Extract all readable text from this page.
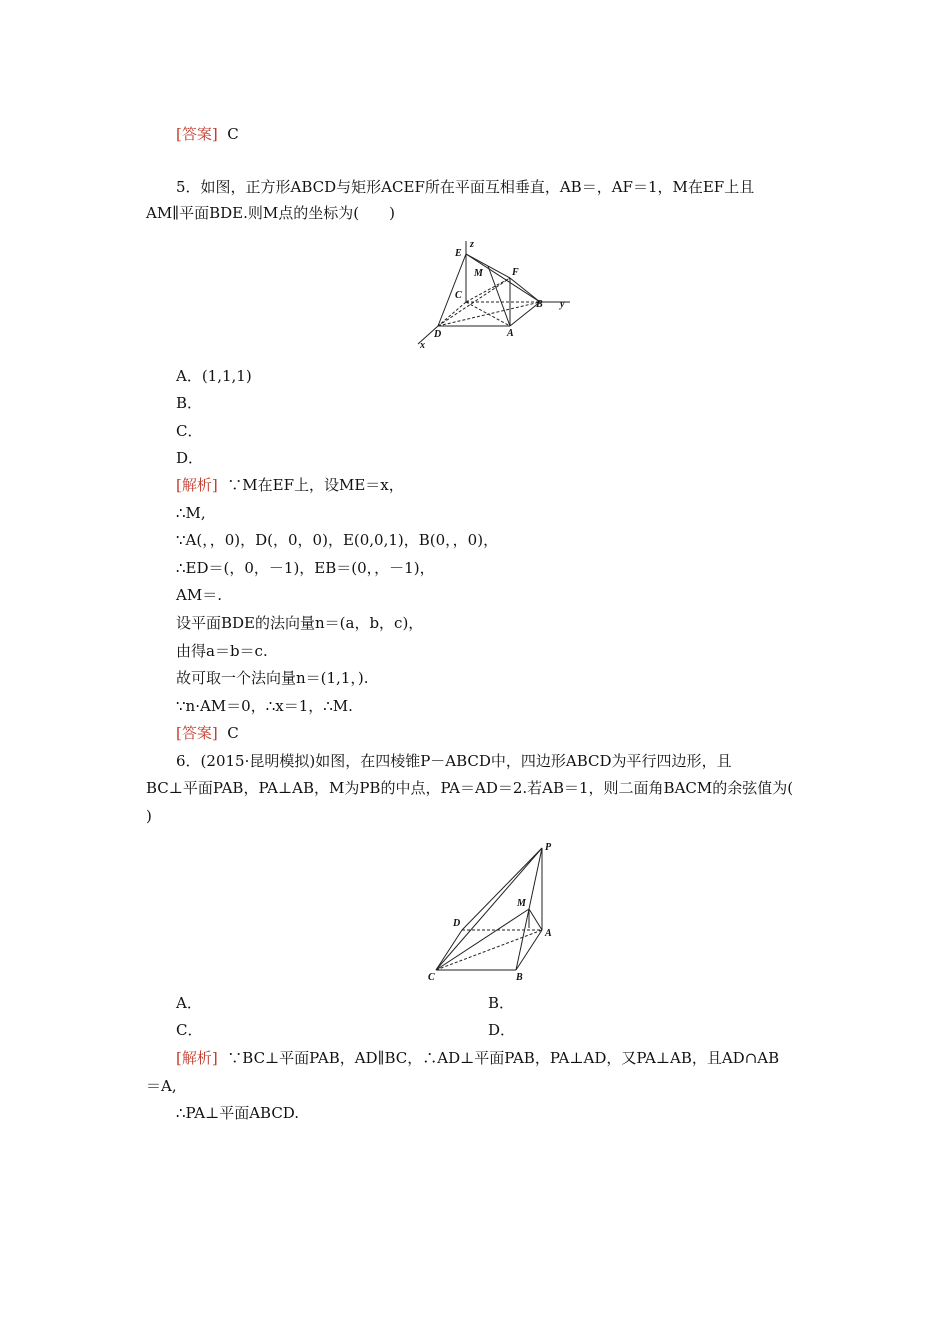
[答案] C
5．如图，正方形ABCD与矩形ACEF所在平面互相垂直，AB＝，AF＝1，M在EF上且
AM∥平面BDE.则M点的坐标为(　　)
E
z
M	F
C
B y
D	A
x
A．(1,1,1)
B．
C．
D．
[解析] ∵M在EF上，设ME＝x，
∴M,
∵A(，，0)，D(，0，0)，E(0,0,1)，B(0，，0)，
∴ED＝(，0，－1)，EB＝(0，，－1)，
AM＝.
设平面BDE的法向量n＝(a，b，c)，
由得a＝b＝c.
故可取一个法向量n＝(1,1，).
∵n·AM＝0，∴x＝1，∴M.
[答案] C
6．(2015·昆明模拟)如图，在四棱锥P－ABCD中，四边形ABCD为平行四边形，且
BC⊥平面PAB，PA⊥AB，M为PB的中点，PA＝AD＝2.若AB＝1，则二面角BACM的余弦值为(
)
P
M
D
A
C	B
A．	B．
C．	D．
[解析] ∵BC⊥平面PAB，AD∥BC，∴AD⊥平面PAB，PA⊥AD，又PA⊥AB，且AD∩AB
＝A,
∴PA⊥平面ABCD.
